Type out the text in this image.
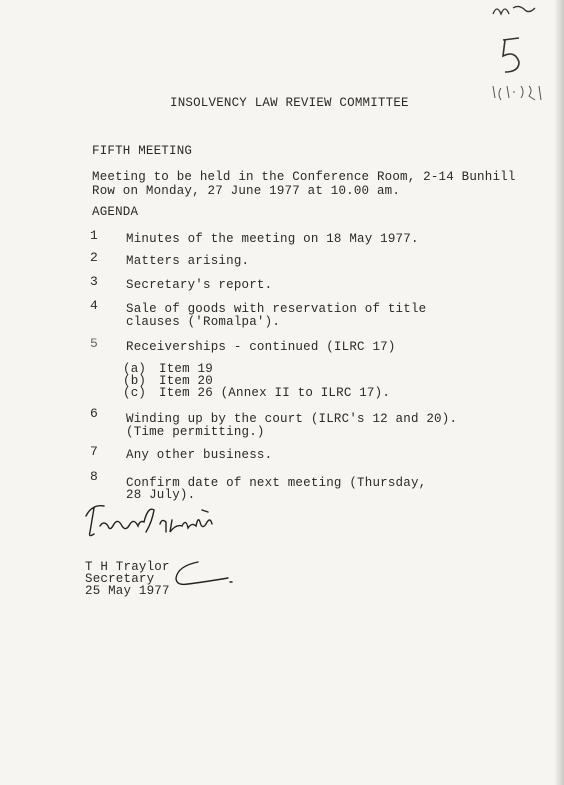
INSOLVENCY LAW REVIEW COMMITTEE
FIFTH MEETING
Meeting to be held in the Conference Room, 2-14 Bunhill
Row on Monday, 27 June 1977 at 10.00 am.
AGENDA
1 Minutes of the meeting on 18 May 1977.
2 Matters arising.
3 Secretary's report.
4 Sale of goods with reservation of title
clauses ('Romalpa').
5 Receiverships - continued (ILRC 17)
(a) Item 19
(b) Item 20
(c) Item 26 (Annex II to ILRC 17).
6 Winding up by the court (ILRC's 12 and 20).
(Time permitting.)
7 Any other business.
8 Confirm date of next meeting (Thursday,
28 July).
T H Traylor
Secretary
25 May 1977
